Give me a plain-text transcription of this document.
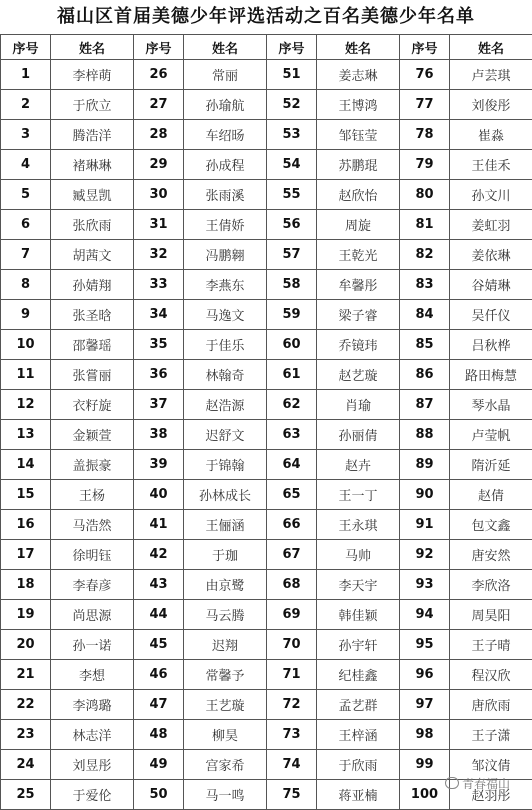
福山区首届美德少年评选活动之百名美德少年名单
序号	姓名	序号	姓名	序号	姓名	序号	姓名
1	李梓萌	26	常丽	51	姜志琳	76	卢芸琪
2	于欣立	27	孙瑜航	52	王博鸿	77	刘俊彤
3	腾浩洋	28	车绍旸	53	邹钰莹	78	崔淼
4	褚琳琳	29	孙成程	54	苏鹏琨	79	王佳禾
5	臧昱凯	30	张雨溪	55	赵欣怡	80	孙文川
6	张欣雨	31	王倩娇	56	周旋	81	姜虹羽
7	胡茜文	32	冯鹏翱	57	王乾光	82	姜依琳
8	孙婧翔	33	李燕东	58	牟馨彤	83	谷婧琳
9	张圣晗	34	马逸文	59	梁子睿	84	吴仟仪
10	邵馨瑶	35	于佳乐	60	乔镜玮	85	吕秋桦
11	张嘗丽	36	林翰奇	61	赵艺璇	86	路田梅慧
12	衣籽旋	37	赵浩源	62	肖瑜	87	琴水晶
13	金颖萱	38	迟舒文	63	孙丽倩	88	卢莹帆
14	盖振豪	39	于锦翰	64	赵卉	89	隋沂延
15	王杨	40	孙林成长	65	王一丁	90	赵倩
16	马浩然	41	王俪涵	66	王永琪	91	包文鑫
17	徐明钰	42	于珈	67	马帅	92	唐安然
18	李春彦	43	由京鹭	68	李天宇	93	李欣洛
19	尚思源	44	马云腾	69	韩佳颖	94	周昊阳
20	孙一诺	45	迟翔	70	孙宇轩	95	王子晴
21	李想	46	常馨予	71	纪桂鑫	96	程汉欣
22	李鸿璐	47	王艺璇	72	孟艺群	97	唐欣雨
23	林志洋	48	柳昊	73	王梓涵	98	王子潇
24	刘昱彤	49	宫家希	74	于欣雨	99	邹汶倩
25	于爱伦	50	马一鸣	75	蒋亚楠	100	赵羽彤
青春福山
